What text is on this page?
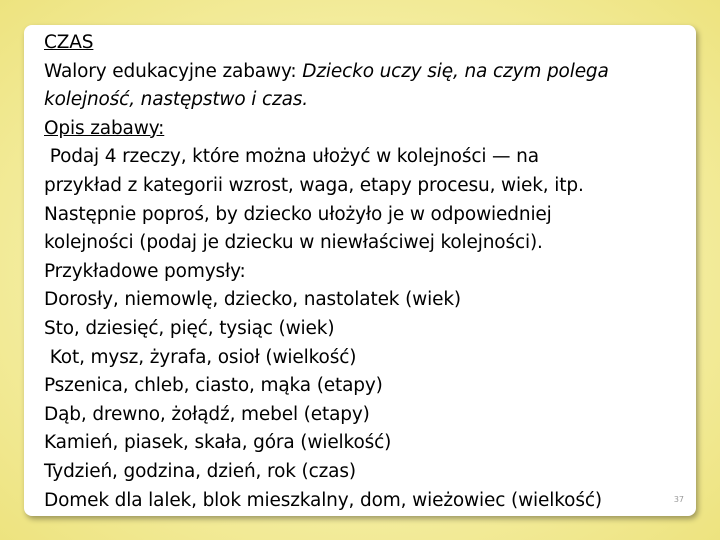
CZAS
Walory edukacyjne zabawy: Dziecko uczy się, na czym polega
kolejność, następstwo i czas.
Opis zabawy:
Podaj 4 rzeczy, które można ułożyć w kolejności — na
przykład z kategorii wzrost, waga, etapy procesu, wiek, itp.
Następnie poproś, by dziecko ułożyło je w odpowiedniej
kolejności (podaj je dziecku w niewłaściwej kolejności).
Przykładowe pomysły:
Dorosły, niemowlę, dziecko, nastolatek (wiek)
Sto, dziesięć, pięć, tysiąc (wiek)
Kot, mysz, żyrafa, osioł (wielkość)
Pszenica, chleb, ciasto, mąka (etapy)
Dąb, drewno, żołądź, mebel (etapy)
Kamień, piasek, skała, góra (wielkość)
Tydzień, godzina, dzień, rok (czas)
Domek dla lalek, blok mieszkalny, dom, wieżowiec (wielkość)	37
